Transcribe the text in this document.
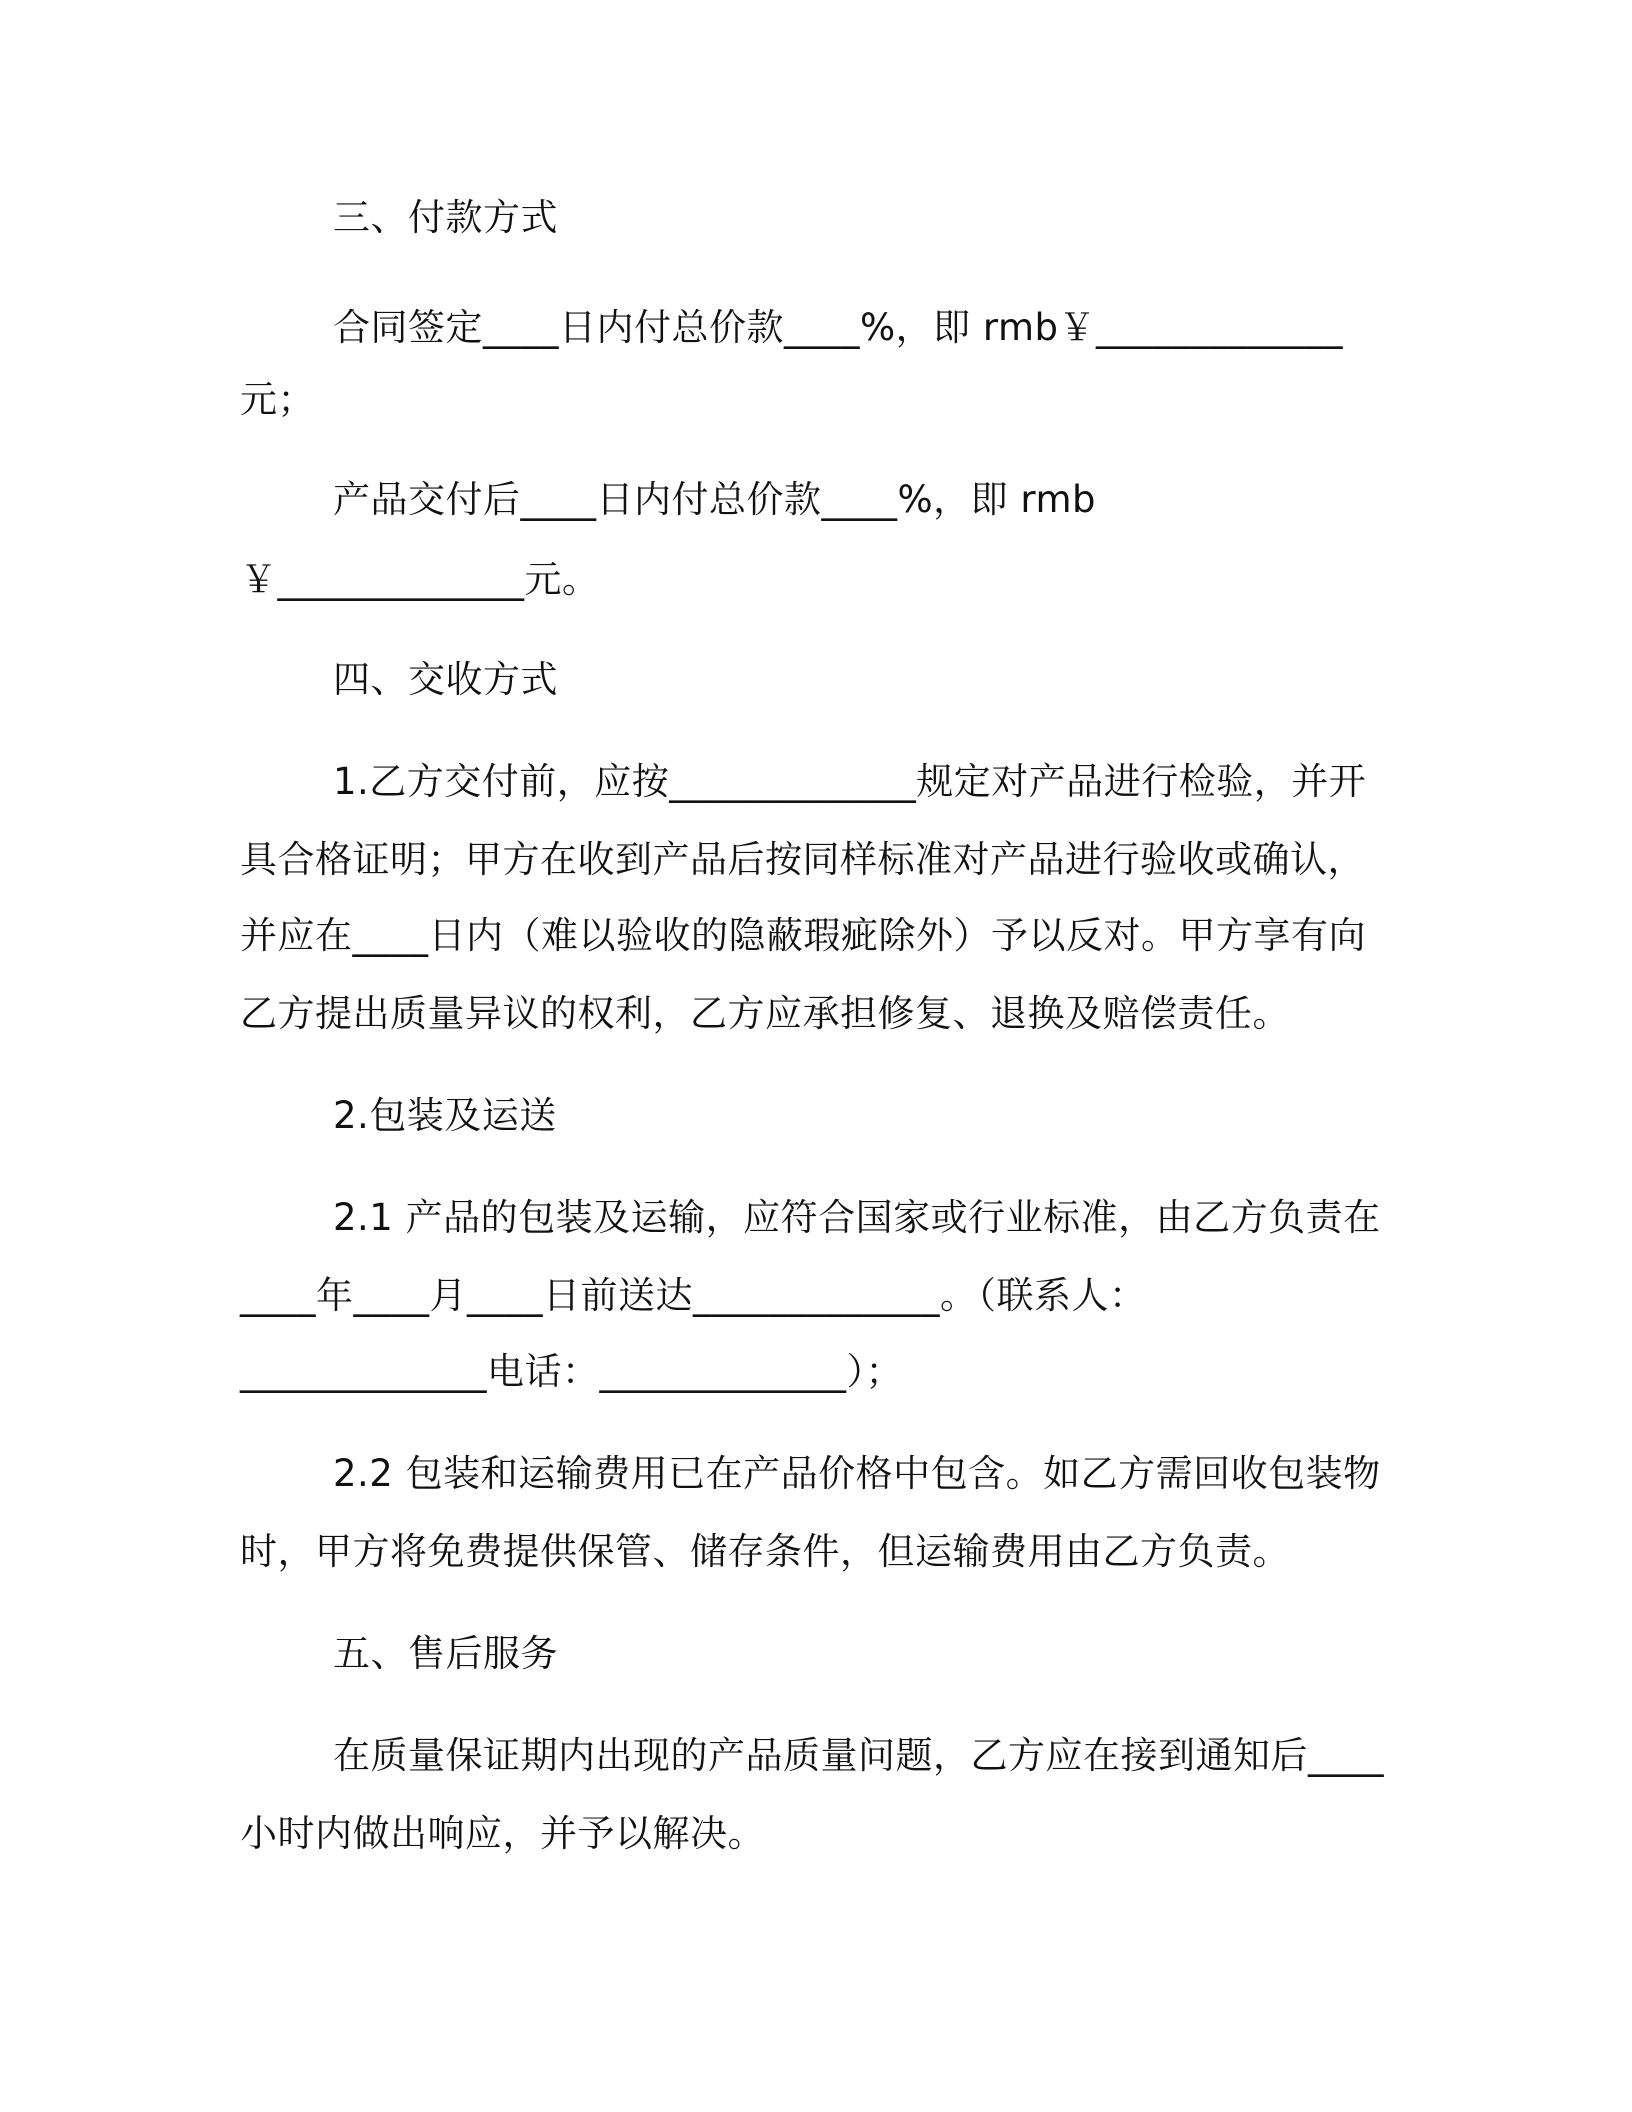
三、付款方式
合同签定____日内付总价款____%，即 rmb￥_____________
元；
产品交付后____日内付总价款____%，即 rmb
￥_____________元。
四、交收方式
1.乙方交付前，应按_____________规定对产品进行检验，并开
具合格证明；甲方在收到产品后按同样标准对产品进行验收或确认，
并应在____日内（难以验收的隐蔽瑕疵除外）予以反对。甲方享有向
乙方提出质量异议的权利，乙方应承担修复、退换及赔偿责任。
2.包装及运送
2.1 产品的包装及运输，应符合国家或行业标准，由乙方负责在
____年____月____日前送达_____________。（联系人：
_____________电话：_____________）；
2.2 包装和运输费用已在产品价格中包含。如乙方需回收包装物
时，甲方将免费提供保管、储存条件，但运输费用由乙方负责。
五、售后服务
在质量保证期内出现的产品质量问题，乙方应在接到通知后____
小时内做出响应，并予以解决。
